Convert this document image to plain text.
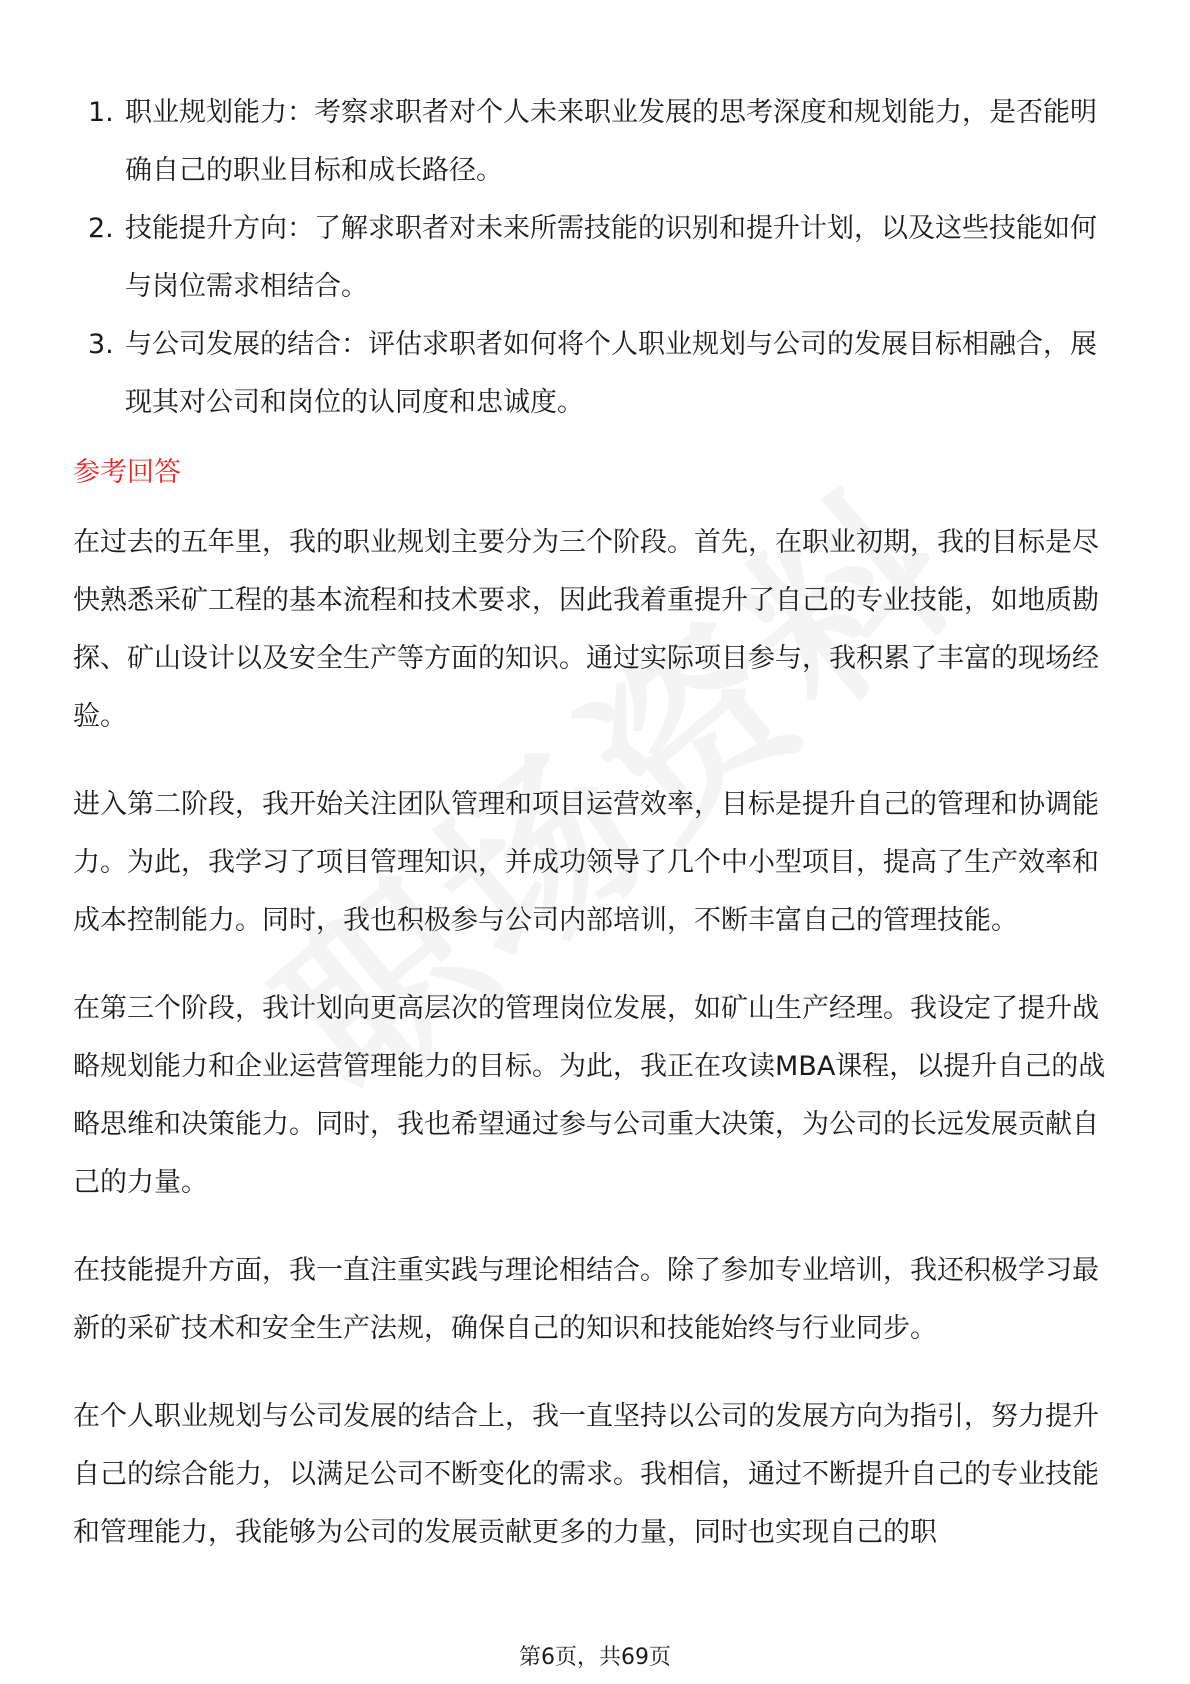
1. 职业规划能力：考察求职者对个人未来职业发展的思考深度和规划能力，是否能明确自己的职业目标和成长路径。
2. 技能提升方向：了解求职者对未来所需技能的识别和提升计划，以及这些技能如何与岗位需求相结合。
3. 与公司发展的结合：评估求职者如何将个人职业规划与公司的发展目标相融合，展现其对公司和岗位的认同度和忠诚度。
参考回答

在过去的五年里，我的职业规划主要分为三个阶段。首先，在职业初期，我的目标是尽快熟悉采矿工程的基本流程和技术要求，因此我着重提升了自己的专业技能，如地质勘探、矿山设计以及安全生产等方面的知识。通过实际项目参与，我积累了丰富的现场经验。

进入第二阶段，我开始关注团队管理和项目运营效率，目标是提升自己的管理和协调能力。为此，我学习了项目管理知识，并成功领导了几个中小型项目，提高了生产效率和成本控制能力。同时，我也积极参与公司内部培训，不断丰富自己的管理技能。

在第三个阶段，我计划向更高层次的管理岗位发展，如矿山生产经理。我设定了提升战略规划能力和企业运营管理能力的目标。为此，我正在攻读MBA课程，以提升自己的战略思维和决策能力。同时，我也希望通过参与公司重大决策，为公司的长远发展贡献自己的力量。

在技能提升方面，我一直注重实践与理论相结合。除了参加专业培训，我还积极学习最新的采矿技术和安全生产法规，确保自己的知识和技能始终与行业同步。

在个人职业规划与公司发展的结合上，我一直坚持以公司的发展方向为指引，努力提升自己的综合能力，以满足公司不断变化的需求。我相信，通过不断提升自己的专业技能和管理能力，我能够为公司的发展贡献更多的力量，同时也实现自己的职

第6页，共69页
